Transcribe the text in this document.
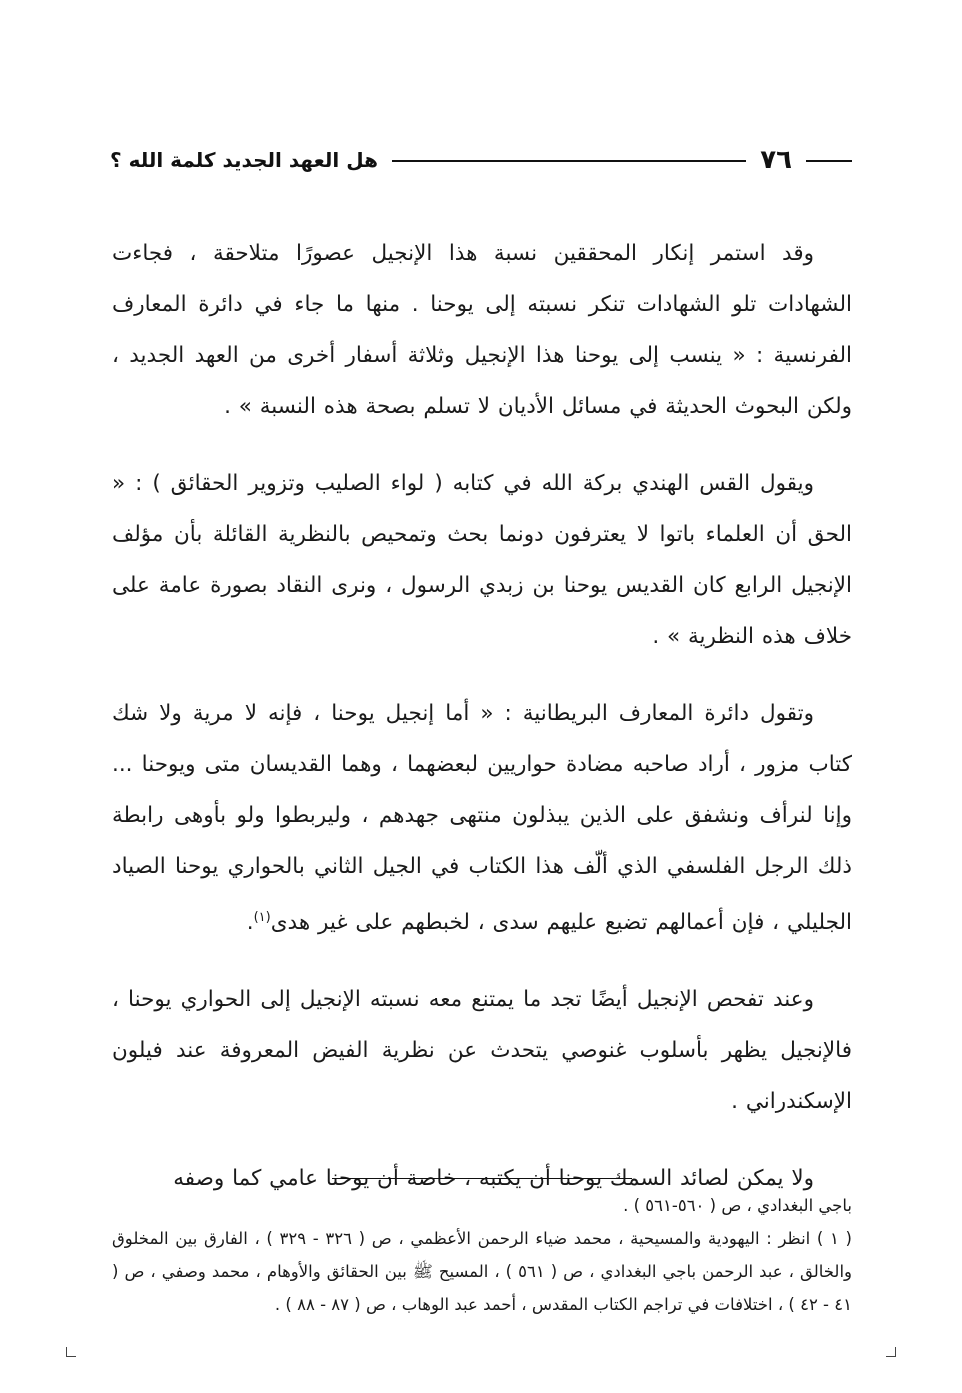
هل العهد الجديد كلمة الله ؟	٧٦

وقد استمر إنكار المحققين نسبة هذا الإنجيل عصورًا متلاحقة ، فجاءت الشهادات تلو الشهادات تنكر نسبته إلى يوحنا . منها ما جاء في دائرة المعارف الفرنسية : « ينسب إلى يوحنا هذا الإنجيل وثلاثة أسفار أخرى من العهد الجديد ، ولكن البحوث الحديثة في مسائل الأديان لا تسلم بصحة هذه النسبة » .

ويقول القس الهندي بركة الله في كتابه ( لواء الصليب وتزوير الحقائق ) : « الحق أن العلماء باتوا لا يعترفون دونما بحث وتمحيص بالنظرية القائلة بأن مؤلف الإنجيل الرابع كان القديس يوحنا بن زبدي الرسول ، ونرى النقاد بصورة عامة على خلاف هذه النظرية » .

وتقول دائرة المعارف البريطانية : « أما إنجيل يوحنا ، فإنه لا مرية ولا شك كتاب مزور ، أراد صاحبه مضادة حواريين لبعضهما ، وهما القديسان متى ويوحنا ... وإنا لنرأف ونشفق على الذين يبذلون منتهى جهدهم ، وليربطوا ولو بأوهى رابطة ذلك الرجل الفلسفي الذي ألّف هذا الكتاب في الجيل الثاني بالحواري يوحنا الصياد الجليلي ، فإن أعمالهم تضيع عليهم سدى ، لخبطهم على غير هدى$^{(١)}$.

وعند تفحص الإنجيل أيضًا تجد ما يمتنع معه نسبته الإنجيل إلى الحواري يوحنا ، فالإنجيل يظهر بأسلوب غنوصي يتحدث عن نظرية الفيض المعروفة عند فيلون الإسكندراني .

ولا يمكن لصائد السمك يوحنا أن يكتبه ، خاصة أن يوحنا عامي كما وصفه

باجي البغدادي ، ص ( ٥٦٠-٥٦١ ) .

( ١ ) انظر : اليهودية والمسيحية ، محمد ضياء الرحمن الأعظمي ، ص ( ٣٢٦ - ٣٢٩ ) ، الفارق بين المخلوق والخالق ، عبد الرحمن باجي البغدادي ، ص ( ٥٦١ ) ، المسيح ﷺ بين الحقائق والأوهام ، محمد وصفي ، ص ( ٤١ - ٤٢ ) ، اختلافات في تراجم الكتاب المقدس ، أحمد عبد الوهاب ، ص ( ٨٧ - ٨٨ ) .
